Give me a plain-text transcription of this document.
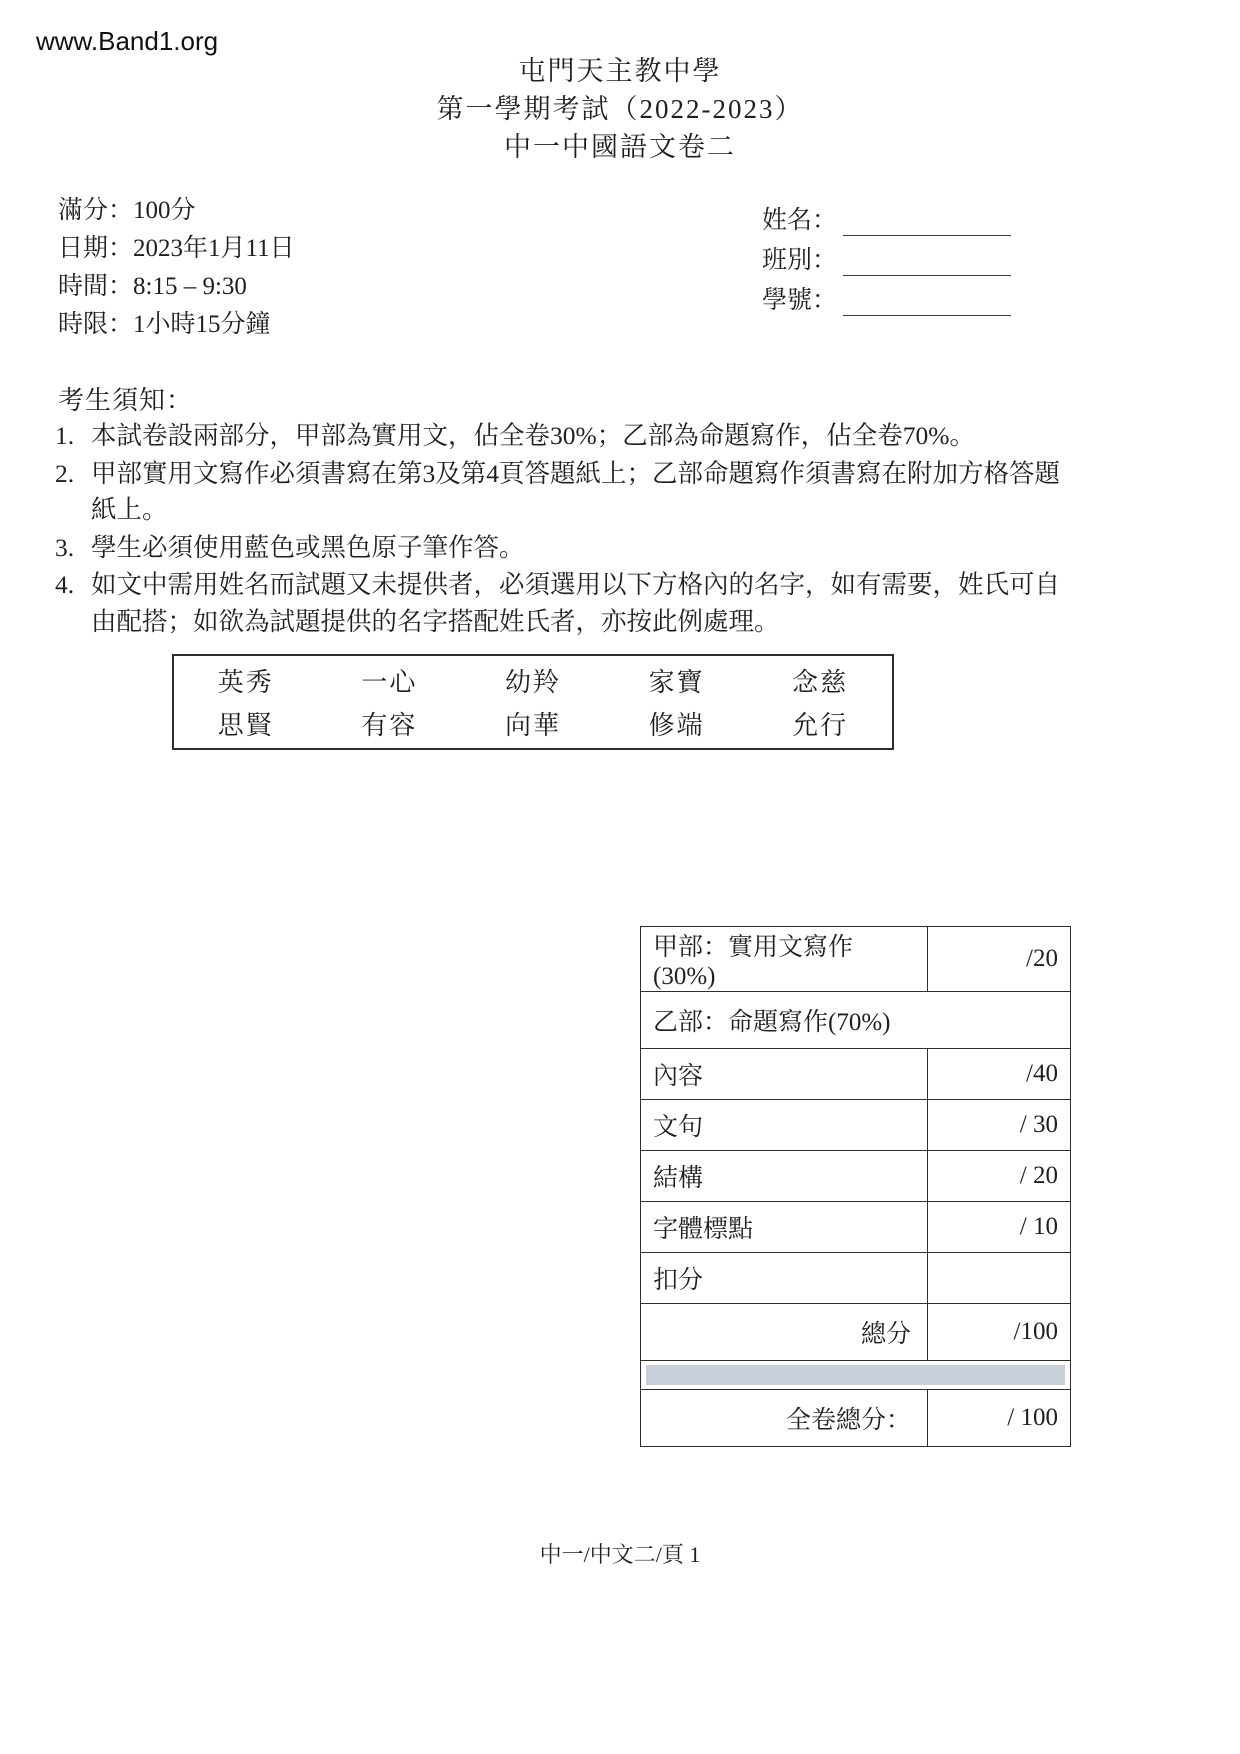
www.Band1.org
屯門天主教中學
第一學期考試（2022-2023）
中一中國語文卷二
滿分：100分
日期：2023年1月11日
時間：8:15 – 9:30
時限：1小時15分鐘
姓名：
班別：
學號：
考生須知：
1. 本試卷設兩部分，甲部為實用文，佔全卷30%；乙部為命題寫作，佔全卷70%。
2. 甲部實用文寫作必須書寫在第3及第4頁答題紙上；乙部命題寫作須書寫在附加方格答題紙上。
3. 學生必須使用藍色或黑色原子筆作答。
4. 如文中需用姓名而試題又未提供者，必須選用以下方格內的名字，如有需要，姓氏可自由配搭；如欲為試題提供的名字搭配姓氏者，亦按此例處理。
英秀	一心	幼羚	家寶	念慈
思賢	有容	向華	修端	允行
甲部：實用文寫作(30%)	/20
乙部：命題寫作(70%)	
內容	/40
文句	/ 30
結構	/ 20
字體標點	/ 10
扣分	
總分	/100

全卷總分：	/ 100
中一/中文二/頁 1
